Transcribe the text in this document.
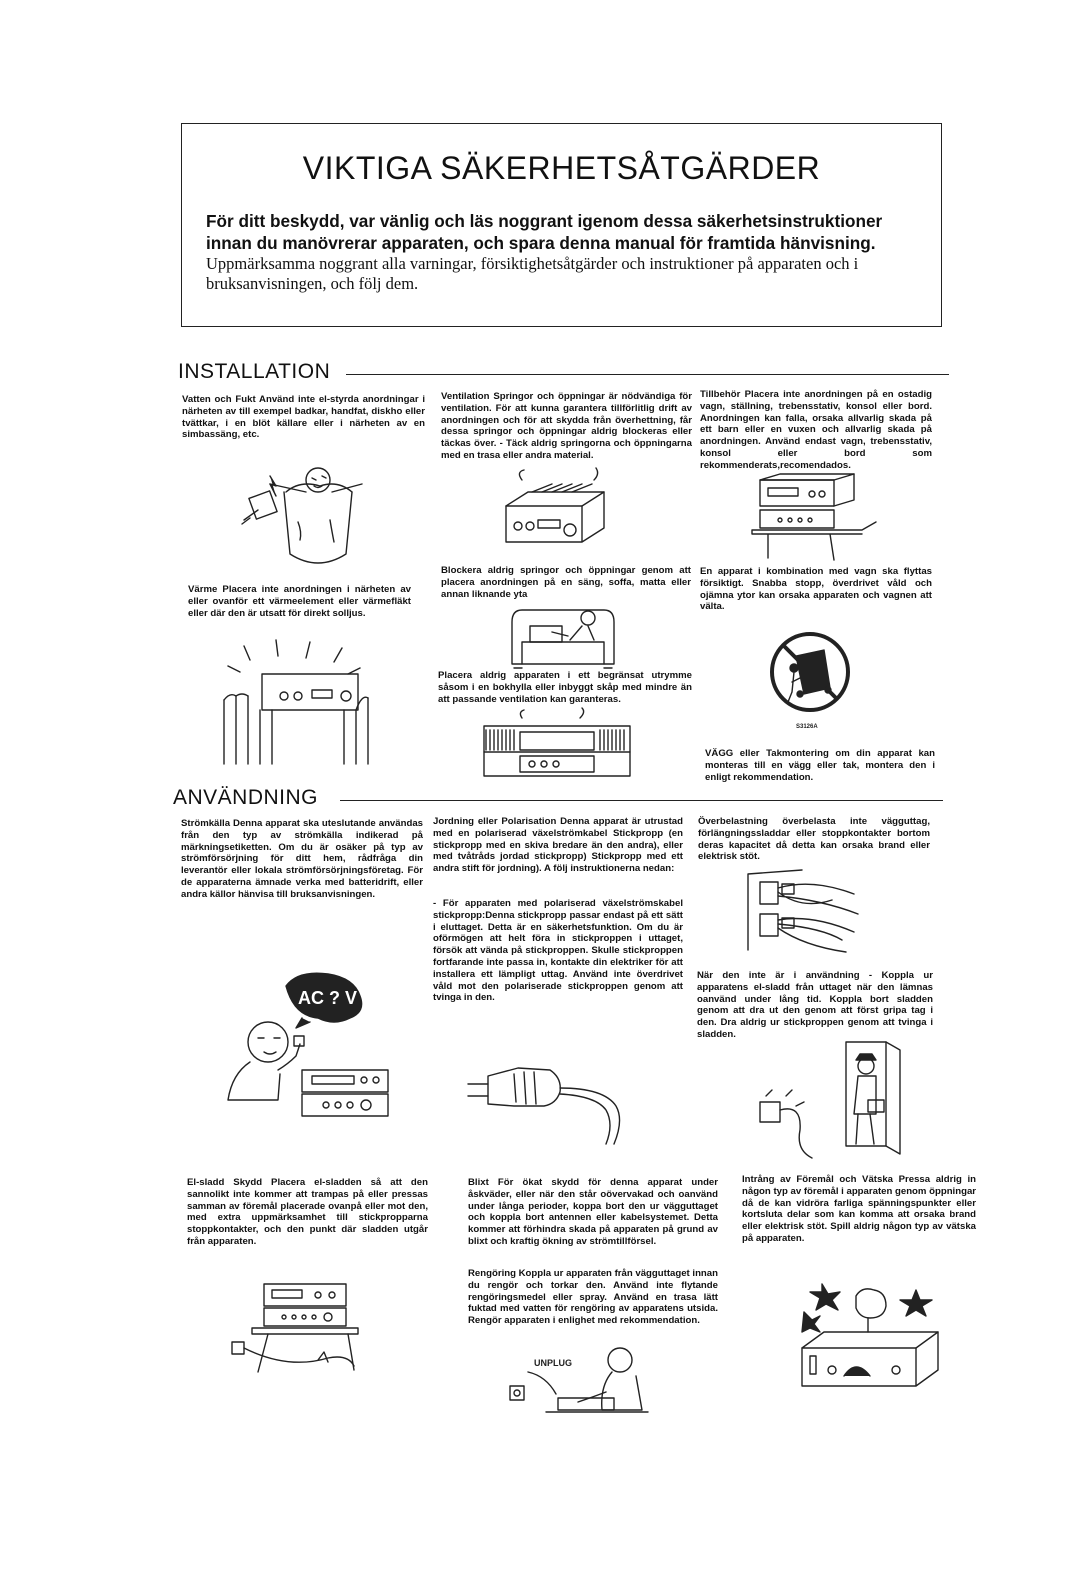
VIKTIGA SÄKERHETSÅTGÄRDER
För ditt beskydd, var vänlig och läs noggrant igenom dessa säkerhetsinstruktioner innan du manövrerar apparaten, och spara denna manual för framtida hänvisning.
Uppmärksamma noggrant alla varningar, försiktighetsåtgärder och instruktioner på apparaten och i bruksanvisningen, och följ dem.
INSTALLATION
Vatten och Fukt Använd inte el-styrda anordningar i närheten av till exempel badkar, handfat, diskho eller tvättkar, i en blöt källare eller i närheten av en simbassäng, etc.
Ventilation Springor och öppningar är nödvändiga för ventilation. För att kunna garantera tillförlitlig drift av anordningen och för att skydda från överhettning, får dessa springor och öppningar aldrig blockeras eller täckas över. - Täck aldrig springorna och öppningarna med en trasa eller andra material.
Tillbehör Placera inte anordningen på en ostadig vagn, ställning, trebensstativ, konsol eller bord. Anordningen kan falla, orsaka allvarlig skada på ett barn eller en vuxen och allvarlig skada på anordningen. Använd endast vagn, trebensstativ, konsol eller bord som rekommenderats,recomendados.
Värme Placera inte anordningen i närheten av eller ovanför ett värmeelement eller värmefläkt eller där den är utsatt för direkt solljus.
Blockera aldrig springor och öppningar genom att placera anordningen på en säng, soffa, matta eller annan liknande yta
Placera aldrig apparaten i ett begränsat utrymme såsom i en bokhylla eller inbyggt skåp med mindre än att passande ventilation kan garanteras.
En apparat i kombination med vagn ska flyttas försiktigt. Snabba stopp, överdrivet våld och ojämna ytor kan orsaka apparaten och vagnen att välta.
S3126A
VÄGG eller Takmontering om din apparat kan monteras till en vägg eller tak, montera den i enligt rekommendation.
ANVÄNDNING
Strömkälla Denna apparat ska uteslutande användas från den typ av strömkälla indikerad på märkningsetiketten. Om du är osäker på typ av strömförsörjning för ditt hem, rådfråga din leverantör eller lokala strömförsörjningsföretag. För de apparaterna ämnade verka med batteridrift, eller andra källor hänvisa till bruksanvisningen.
Jordning eller Polarisation Denna apparat är utrustad med en polariserad växelströmkabel Stickpropp (en stickpropp med en skiva bredare än den andra), eller med tvåtråds jordad stickpropp) Stickpropp med ett andra stift för jordning). A följ instruktionerna nedan:
- För apparaten med polariserad växelströmskabel stickpropp:Denna stickpropp passar endast på ett sätt i eluttaget. Detta är en säkerhetsfunktion. Om du är oförmögen att helt föra in stickproppen i uttaget, försök att vända på stickproppen. Skulle stickproppen fortfarande inte passa in, kontakte din elektriker för att installera ett lämpligt uttag. Använd inte överdrivet våld mot den polariserade stickproppen genom att tvinga in den.
Överbelastning överbelasta inte vägguttag, förlängningssladdar eller stoppkontakter bortom deras kapacitet då detta kan orsaka brand eller elektrisk stöt.
När den inte är i användning - Koppla ur apparatens el-sladd från uttaget när den lämnas oanvänd under lång tid. Koppla bort sladden genom att dra ut den genom att först gripa tag i den. Dra aldrig ur stickproppen genom att tvinga i sladden.
AC ? V
El-sladd Skydd Placera el-sladden så att den sannolikt inte kommer att trampas på eller pressas samman av föremål placerade ovanpå eller mot den, med extra uppmärksamhet till stickpropparna stoppkontakter, och den punkt där sladden utgår från apparaten.
Blixt För ökat skydd för denna apparat under åskväder, eller när den står oövervakad och oanvänd under långa perioder, koppa bort den ur vägguttaget och koppla bort antennen eller kabelsystemet. Detta kommer att förhindra skada på apparaten på grund av blixt och kraftig ökning av strömtillförsel.
Intrång av Föremål och Vätska Pressa aldrig in någon typ av föremål i apparaten genom öppningar då de kan vidröra farliga spänningspunkter eller kortsluta delar som kan komma att orsaka brand eller elektrisk stöt. Spill aldrig någon typ av vätska på apparaten.
Rengöring Koppla ur apparaten från vägguttaget innan du rengör och torkar den. Använd inte flytande rengöringsmedel eller spray. Använd en trasa lätt fuktad med vatten för rengöring av apparatens utsida. Rengör apparaten i enlighet med rekommendation.
UNPLUG
